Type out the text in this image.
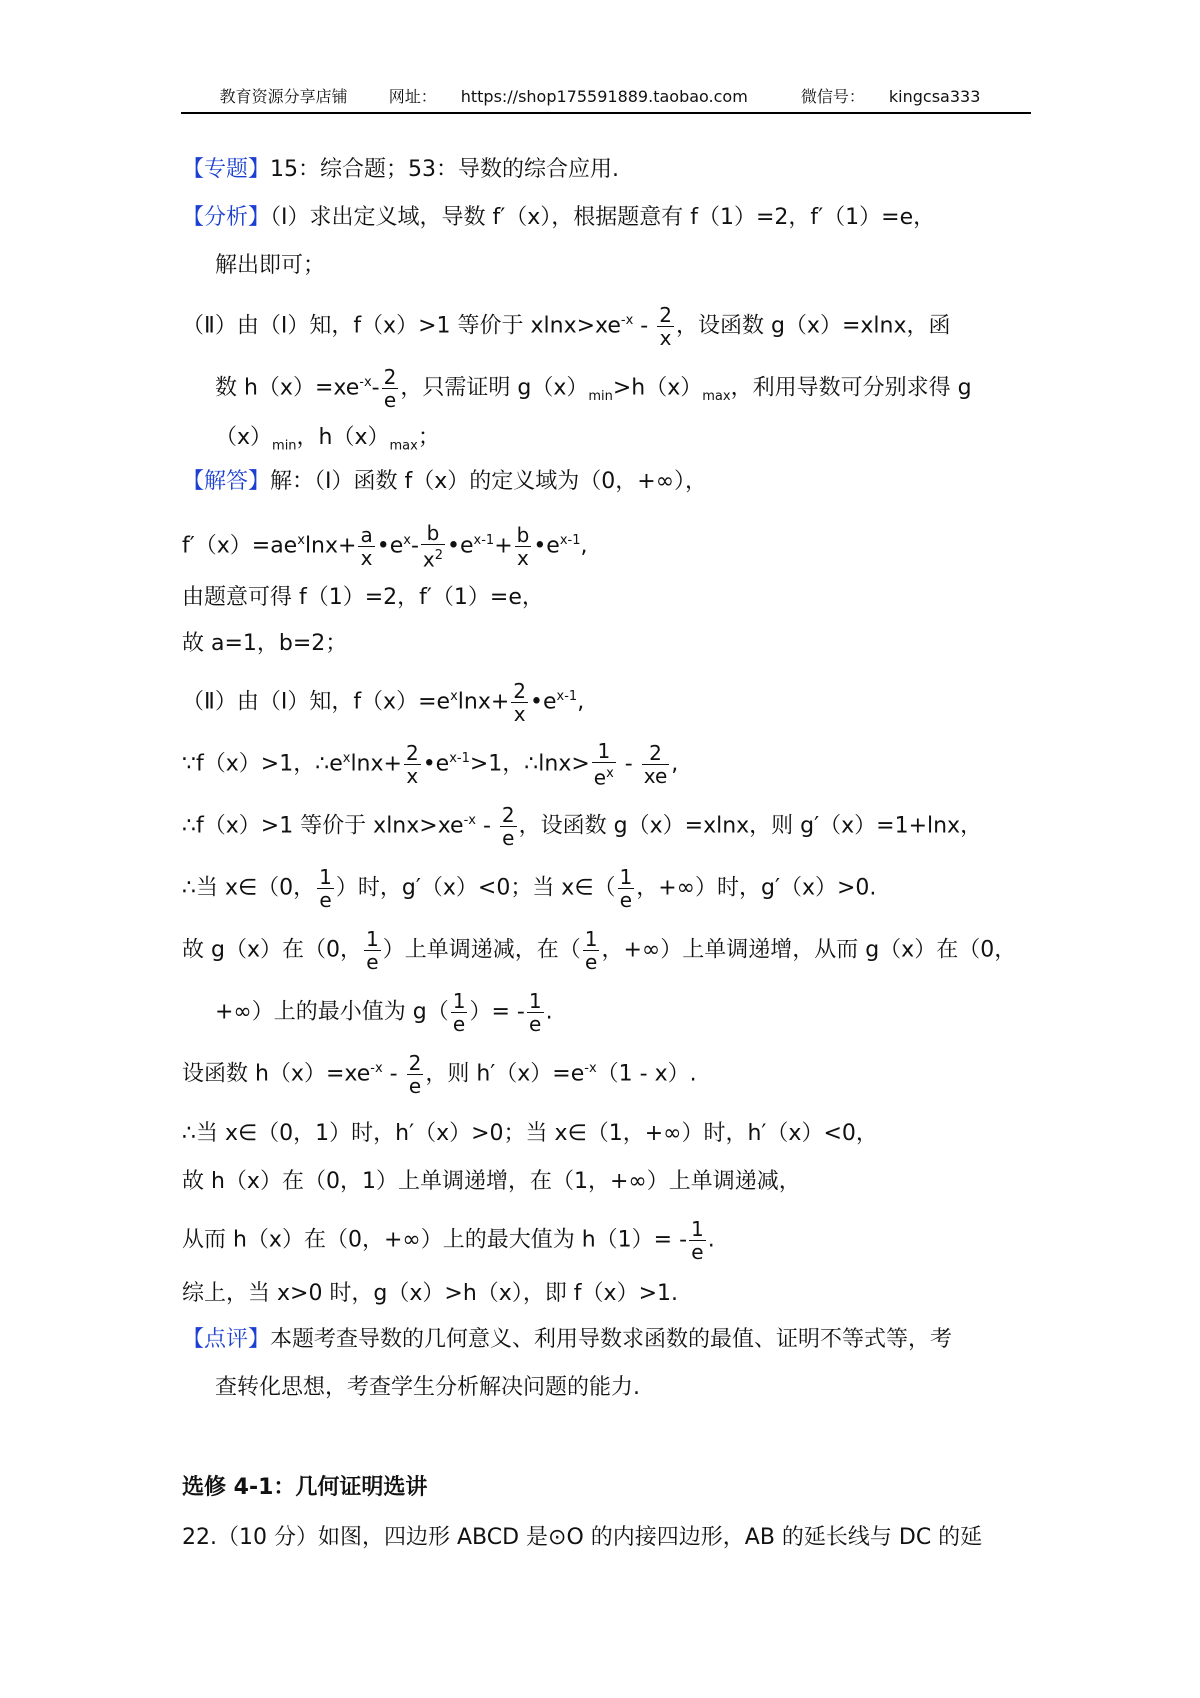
教育资源分享店铺	网址： https://shop175591889.taobao.com	微信号： kingcsa333
【专题】15：综合题；53：导数的综合应用.
【分析】（Ⅰ）求出定义域，导数 f′（x），根据题意有 f（1）=2，f′（1）=e，
解出即可；
（Ⅱ）由（Ⅰ）知，f（x）>1 等价于 $xlnx>xe^{-x} - \frac{2}{x}$ ，设函数 g（x）=xlnx，函
数 $h(x)=xe^{-x}- \frac{2}{e}$ ，只需证明 $g(x)_{min}>h(x)_{max}$，利用导数可分别求得 g
$(x)_{min}$，$h(x)_{max}$；
【解答】解：（Ⅰ）函数 f（x）的定义域为（0，+∞），
$f'(x)=ae^x\ln x+ \frac{a}{x}$ $•e^x- \frac{b}{x^2}$ $•e^{x-1}+ \frac{b}{x}$ $•e^{x-1}$,
由题意可得 f（1）=2，f′（1）=e，
故 a=1，b=2；
（Ⅱ）由（Ⅰ）知，$f(x)=e^x\ln x+ \frac{2}{x}$ $•e^{x-1}$,
∵f（x）>1，$\therefore e^x\ln x+ \frac{2}{x}$ $•e^{x-1}>1$，∴lnx> $\frac{1}{e^x} - \frac{2}{xe}$ ,
∴f（x）>1 等价于 $xlnx>xe^{-x} - \frac{2}{e}$ ，设函数 g（x）=xlnx，则 g′（x）=1+lnx，
∴当 x∈（0， $\frac{1}{e}$ ）时，g′（x）<0；当 x∈（ $\frac{1}{e}$ ，+∞）时，g′（x）>0.
故 g（x）在（0， $\frac{1}{e}$ ）上单调递减，在（ $\frac{1}{e}$ ，+∞）上单调递增，从而 g（x）在（0，
+∞）上的最小值为 $g( \frac{1}{e}$ ）= - $\frac{1}{e}$ .
设函数 $h(x)=xe^{-x} - \frac{2}{e}$ ，则 $h'(x)=e^{-x}(1 - x)$.
∴当 x∈（0，1）时，h′（x）>0；当 x∈（1，+∞）时，h′（x）<0，
故 h（x）在（0，1）上单调递增，在（1，+∞）上单调递减，
从而 h（x）在（0，+∞）上的最大值为 $h(1)= - \frac{1}{e}$ .
综上，当 x>0 时，g（x）>h（x），即 f（x）>1.
【点评】本题考查导数的几何意义、利用导数求函数的最值、证明不等式等，考
查转化思想，考查学生分析解决问题的能力.
选修 4-1：几何证明选讲
22.（10 分）如图，四边形 ABCD 是⊙O 的内接四边形，AB 的延长线与 DC 的延
